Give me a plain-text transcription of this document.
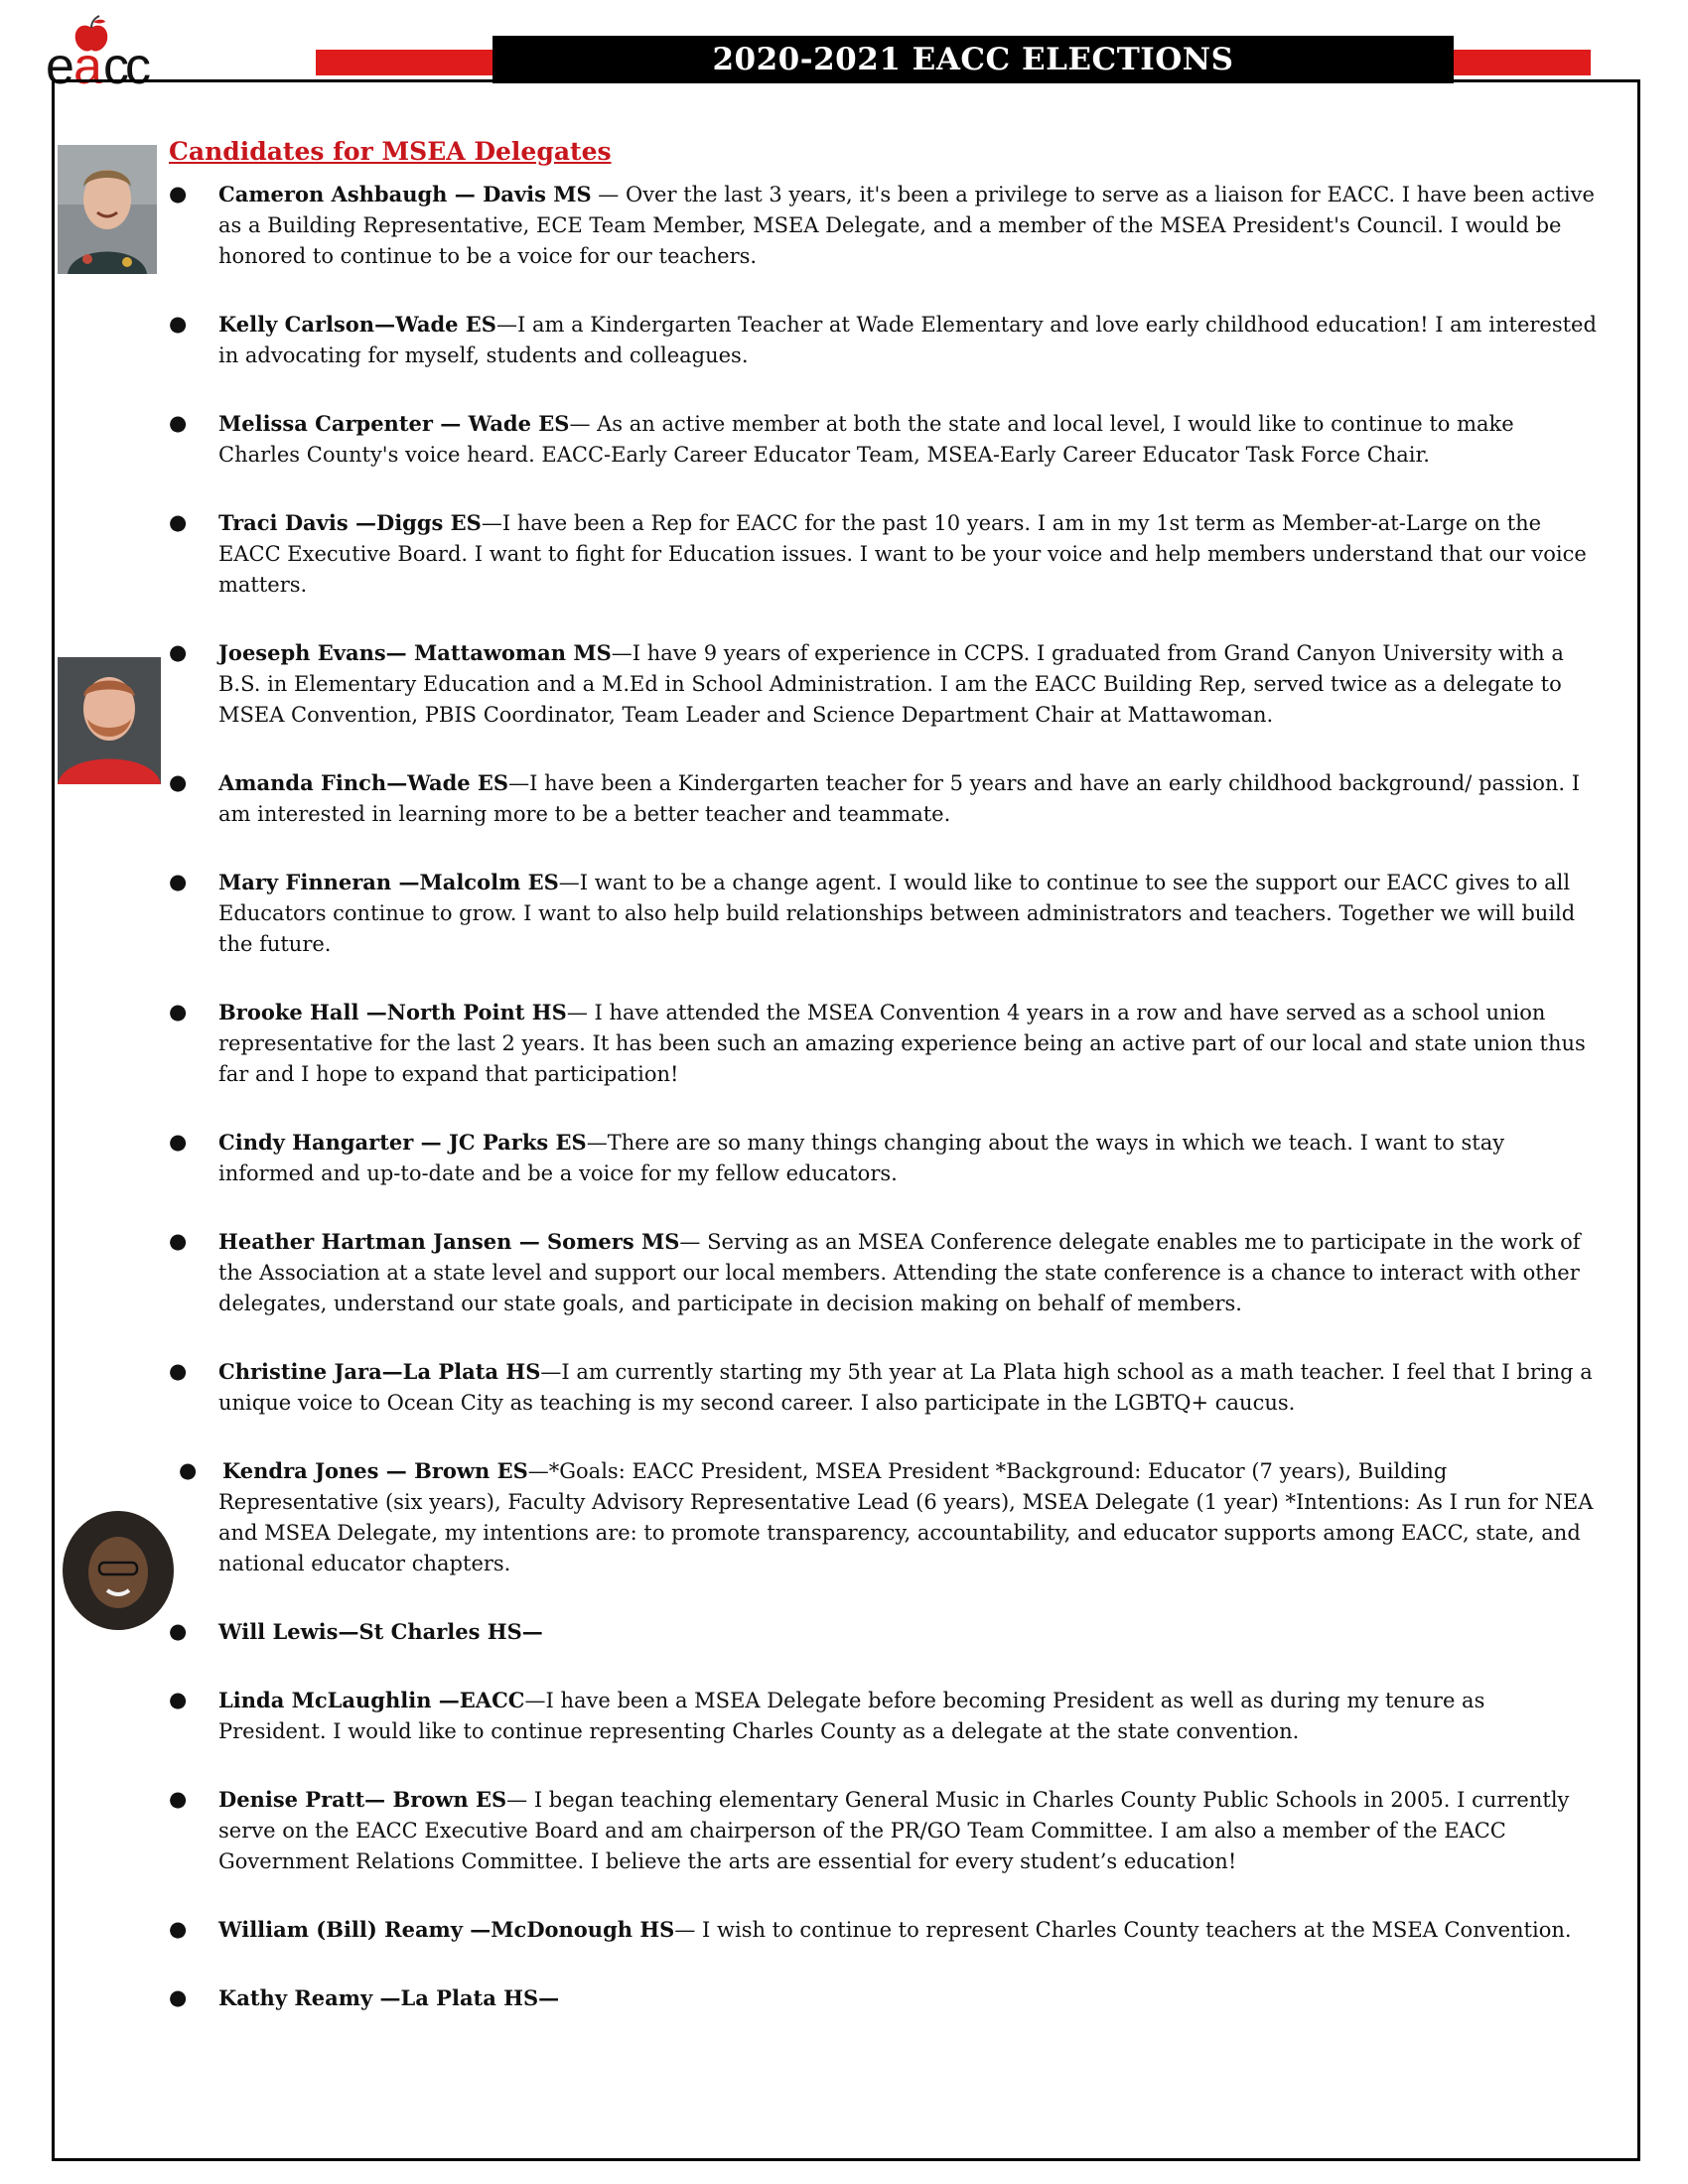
e a cc	2020-2021 EACC ELECTIONS
Candidates for MSEA Delegates
● Cameron Ashbaugh — Davis MS — Over the last 3 years, it's been a privilege to serve as a liaison for EACC. I have been active as a Building Representative, ECE Team Member, MSEA Delegate, and a member of the MSEA President's Council. I would be honored to continue to be a voice for our teachers.
● Kelly Carlson—Wade ES—I am a Kindergarten Teacher at Wade Elementary and love early childhood education! I am interested in advocating for myself, students and colleagues.
● Melissa Carpenter — Wade ES— As an active member at both the state and local level, I would like to continue to make Charles County's voice heard. EACC-Early Career Educator Team, MSEA-Early Career Educator Task Force Chair.
● Traci Davis —Diggs ES—I have been a Rep for EACC for the past 10 years. I am in my 1st term as Member-at-Large on the EACC Executive Board. I want to fight for Education issues. I want to be your voice and help members understand that our voice matters.
● Joeseph Evans— Mattawoman MS—I have 9 years of experience in CCPS. I graduated from Grand Canyon University with a B.S. in Elementary Education and a M.Ed in School Administration. I am the EACC Building Rep, served twice as a delegate to MSEA Convention, PBIS Coordinator, Team Leader and Science Department Chair at Mattawoman.
● Amanda Finch—Wade ES—I have been a Kindergarten teacher for 5 years and have an early childhood background/ passion. I am interested in learning more to be a better teacher and teammate.
● Mary Finneran —Malcolm ES—I want to be a change agent. I would like to continue to see the support our EACC gives to all Educators continue to grow. I want to also help build relationships between administrators and teachers. Together we will build the future.
● Brooke Hall —North Point HS— I have attended the MSEA Convention 4 years in a row and have served as a school union representative for the last 2 years. It has been such an amazing experience being an active part of our local and state union thus far and I hope to expand that participation!
● Cindy Hangarter — JC Parks ES—There are so many things changing about the ways in which we teach. I want to stay informed and up-to-date and be a voice for my fellow educators.
● Heather Hartman Jansen — Somers MS— Serving as an MSEA Conference delegate enables me to participate in the work of the Association at a state level and support our local members. Attending the state conference is a chance to interact with other delegates, understand our state goals, and participate in decision making on behalf of members.
● Christine Jara—La Plata HS—I am currently starting my 5th year at La Plata high school as a math teacher. I feel that I bring a unique voice to Ocean City as teaching is my second career. I also participate in the LGBTQ+ caucus.
● Kendra Jones — Brown ES—*Goals: EACC President, MSEA President *Background: Educator (7 years), Building Representative (six years), Faculty Advisory Representative Lead (6 years), MSEA Delegate (1 year) *Intentions: As I run for NEA and MSEA Delegate, my intentions are: to promote transparency, accountability, and educator supports among EACC, state, and national educator chapters.
● Will Lewis—St Charles HS—
● Linda McLaughlin —EACC—I have been a MSEA Delegate before becoming President as well as during my tenure as President. I would like to continue representing Charles County as a delegate at the state convention.
● Denise Pratt— Brown ES— I began teaching elementary General Music in Charles County Public Schools in 2005. I currently serve on the EACC Executive Board and am chairperson of the PR/GO Team Committee. I am also a member of the EACC Government Relations Committee. I believe the arts are essential for every student’s education!
● William (Bill) Reamy —McDonough HS— I wish to continue to represent Charles County teachers at the MSEA Convention.
● Kathy Reamy —La Plata HS—
